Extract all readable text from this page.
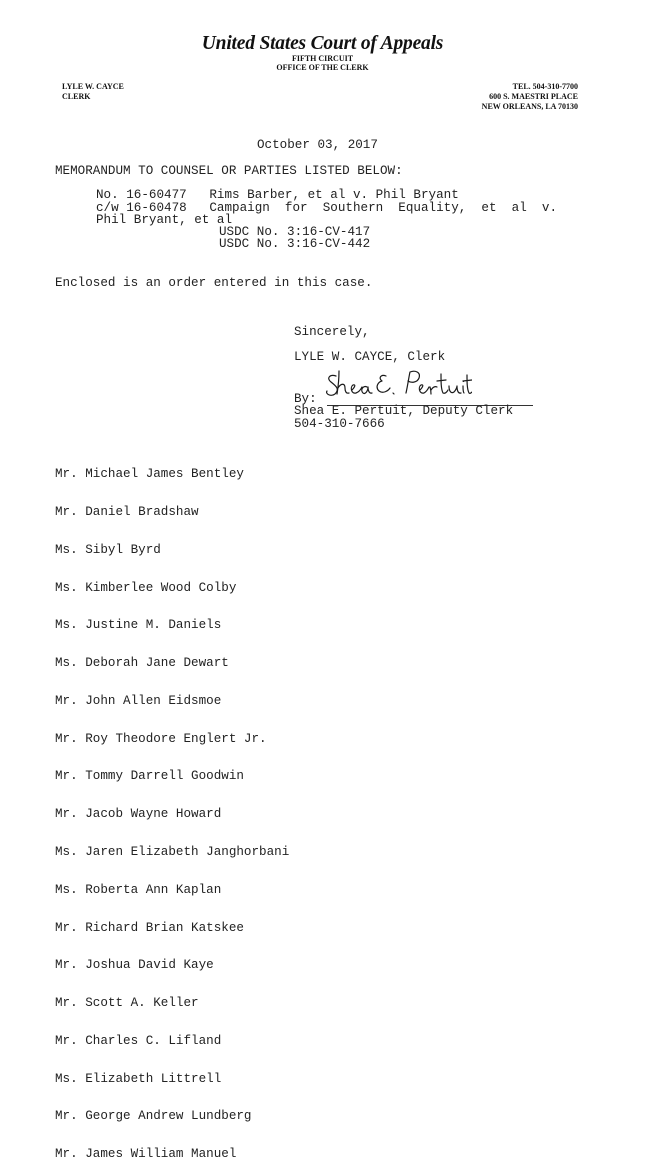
United States Court of Appeals
FIFTH CIRCUIT
OFFICE OF THE CLERK
LYLE W. CAYCE
CLERK
TEL. 504-310-7700
600 S. MAESTRI PLACE
NEW ORLEANS, LA 70130
October 03, 2017
MEMORANDUM TO COUNSEL OR PARTIES LISTED BELOW:
No. 16-60477   Rims Barber, et al v. Phil Bryant
c/w 16-60478   Campaign  for  Southern  Equality,  et  al  v.
Phil Bryant, et al
USDC No. 3:16-CV-417
USDC No. 3:16-CV-442
Enclosed is an order entered in this case.
Sincerely,
LYLE W. CAYCE, Clerk
By:
Shea E. Pertuit, Deputy Clerk
504-310-7666

Mr. Michael James Bentley

Mr. Daniel Bradshaw

Ms. Sibyl Byrd

Ms. Kimberlee Wood Colby

Ms. Justine M. Daniels

Ms. Deborah Jane Dewart

Mr. John Allen Eidsmoe

Mr. Roy Theodore Englert Jr.

Mr. Tommy Darrell Goodwin

Mr. Jacob Wayne Howard

Ms. Jaren Elizabeth Janghorbani

Ms. Roberta Ann Kaplan

Mr. Richard Brian Katskee

Mr. Joshua David Kaye

Mr. Scott A. Keller

Mr. Charles C. Lifland

Ms. Elizabeth Littrell

Mr. George Andrew Lundberg

Mr. James William Manuel
